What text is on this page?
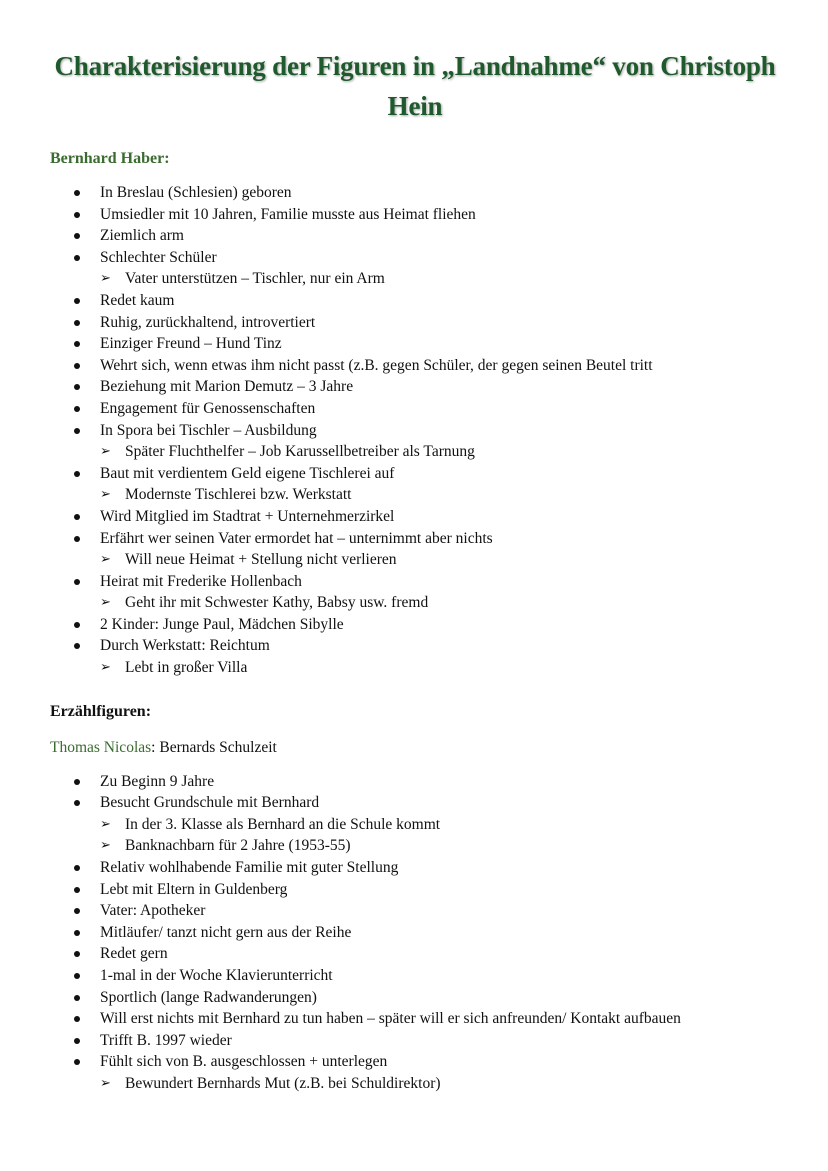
Charakterisierung der Figuren in „Landnahme“ von Christoph
Hein
Bernhard Haber:
In Breslau (Schlesien) geboren
Umsiedler mit 10 Jahren, Familie musste aus Heimat fliehen
Ziemlich arm
Schlechter Schüler
➢ Vater unterstützen – Tischler, nur ein Arm
Redet kaum
Ruhig, zurückhaltend, introvertiert
Einziger Freund – Hund Tinz
Wehrt sich, wenn etwas ihm nicht passt (z.B. gegen Schüler, der gegen seinen Beutel tritt
Beziehung mit Marion Demutz – 3 Jahre
Engagement für Genossenschaften
In Spora bei Tischler – Ausbildung
➢ Später Fluchthelfer – Job Karussellbetreiber als Tarnung
Baut mit verdientem Geld eigene Tischlerei auf
➢ Modernste Tischlerei bzw. Werkstatt
Wird Mitglied im Stadtrat + Unternehmerzirkel
Erfährt wer seinen Vater ermordet hat – unternimmt aber nichts
➢ Will neue Heimat + Stellung nicht verlieren
Heirat mit Frederike Hollenbach
➢ Geht ihr mit Schwester Kathy, Babsy usw. fremd
2 Kinder: Junge Paul, Mädchen Sibylle
Durch Werkstatt: Reichtum
➢ Lebt in großer Villa
Erzählfiguren:
Thomas Nicolas: Bernards Schulzeit
Zu Beginn 9 Jahre
Besucht Grundschule mit Bernhard
➢ In der 3. Klasse als Bernhard an die Schule kommt
➢ Banknachbarn für 2 Jahre (1953-55)
Relativ wohlhabende Familie mit guter Stellung
Lebt mit Eltern in Guldenberg
Vater: Apotheker
Mitläufer/ tanzt nicht gern aus der Reihe
Redet gern
1-mal in der Woche Klavierunterricht
Sportlich (lange Radwanderungen)
Will erst nichts mit Bernhard zu tun haben – später will er sich anfreunden/ Kontakt aufbauen
Trifft B. 1997 wieder
Fühlt sich von B. ausgeschlossen + unterlegen
➢ Bewundert Bernhards Mut (z.B. bei Schuldirektor)
